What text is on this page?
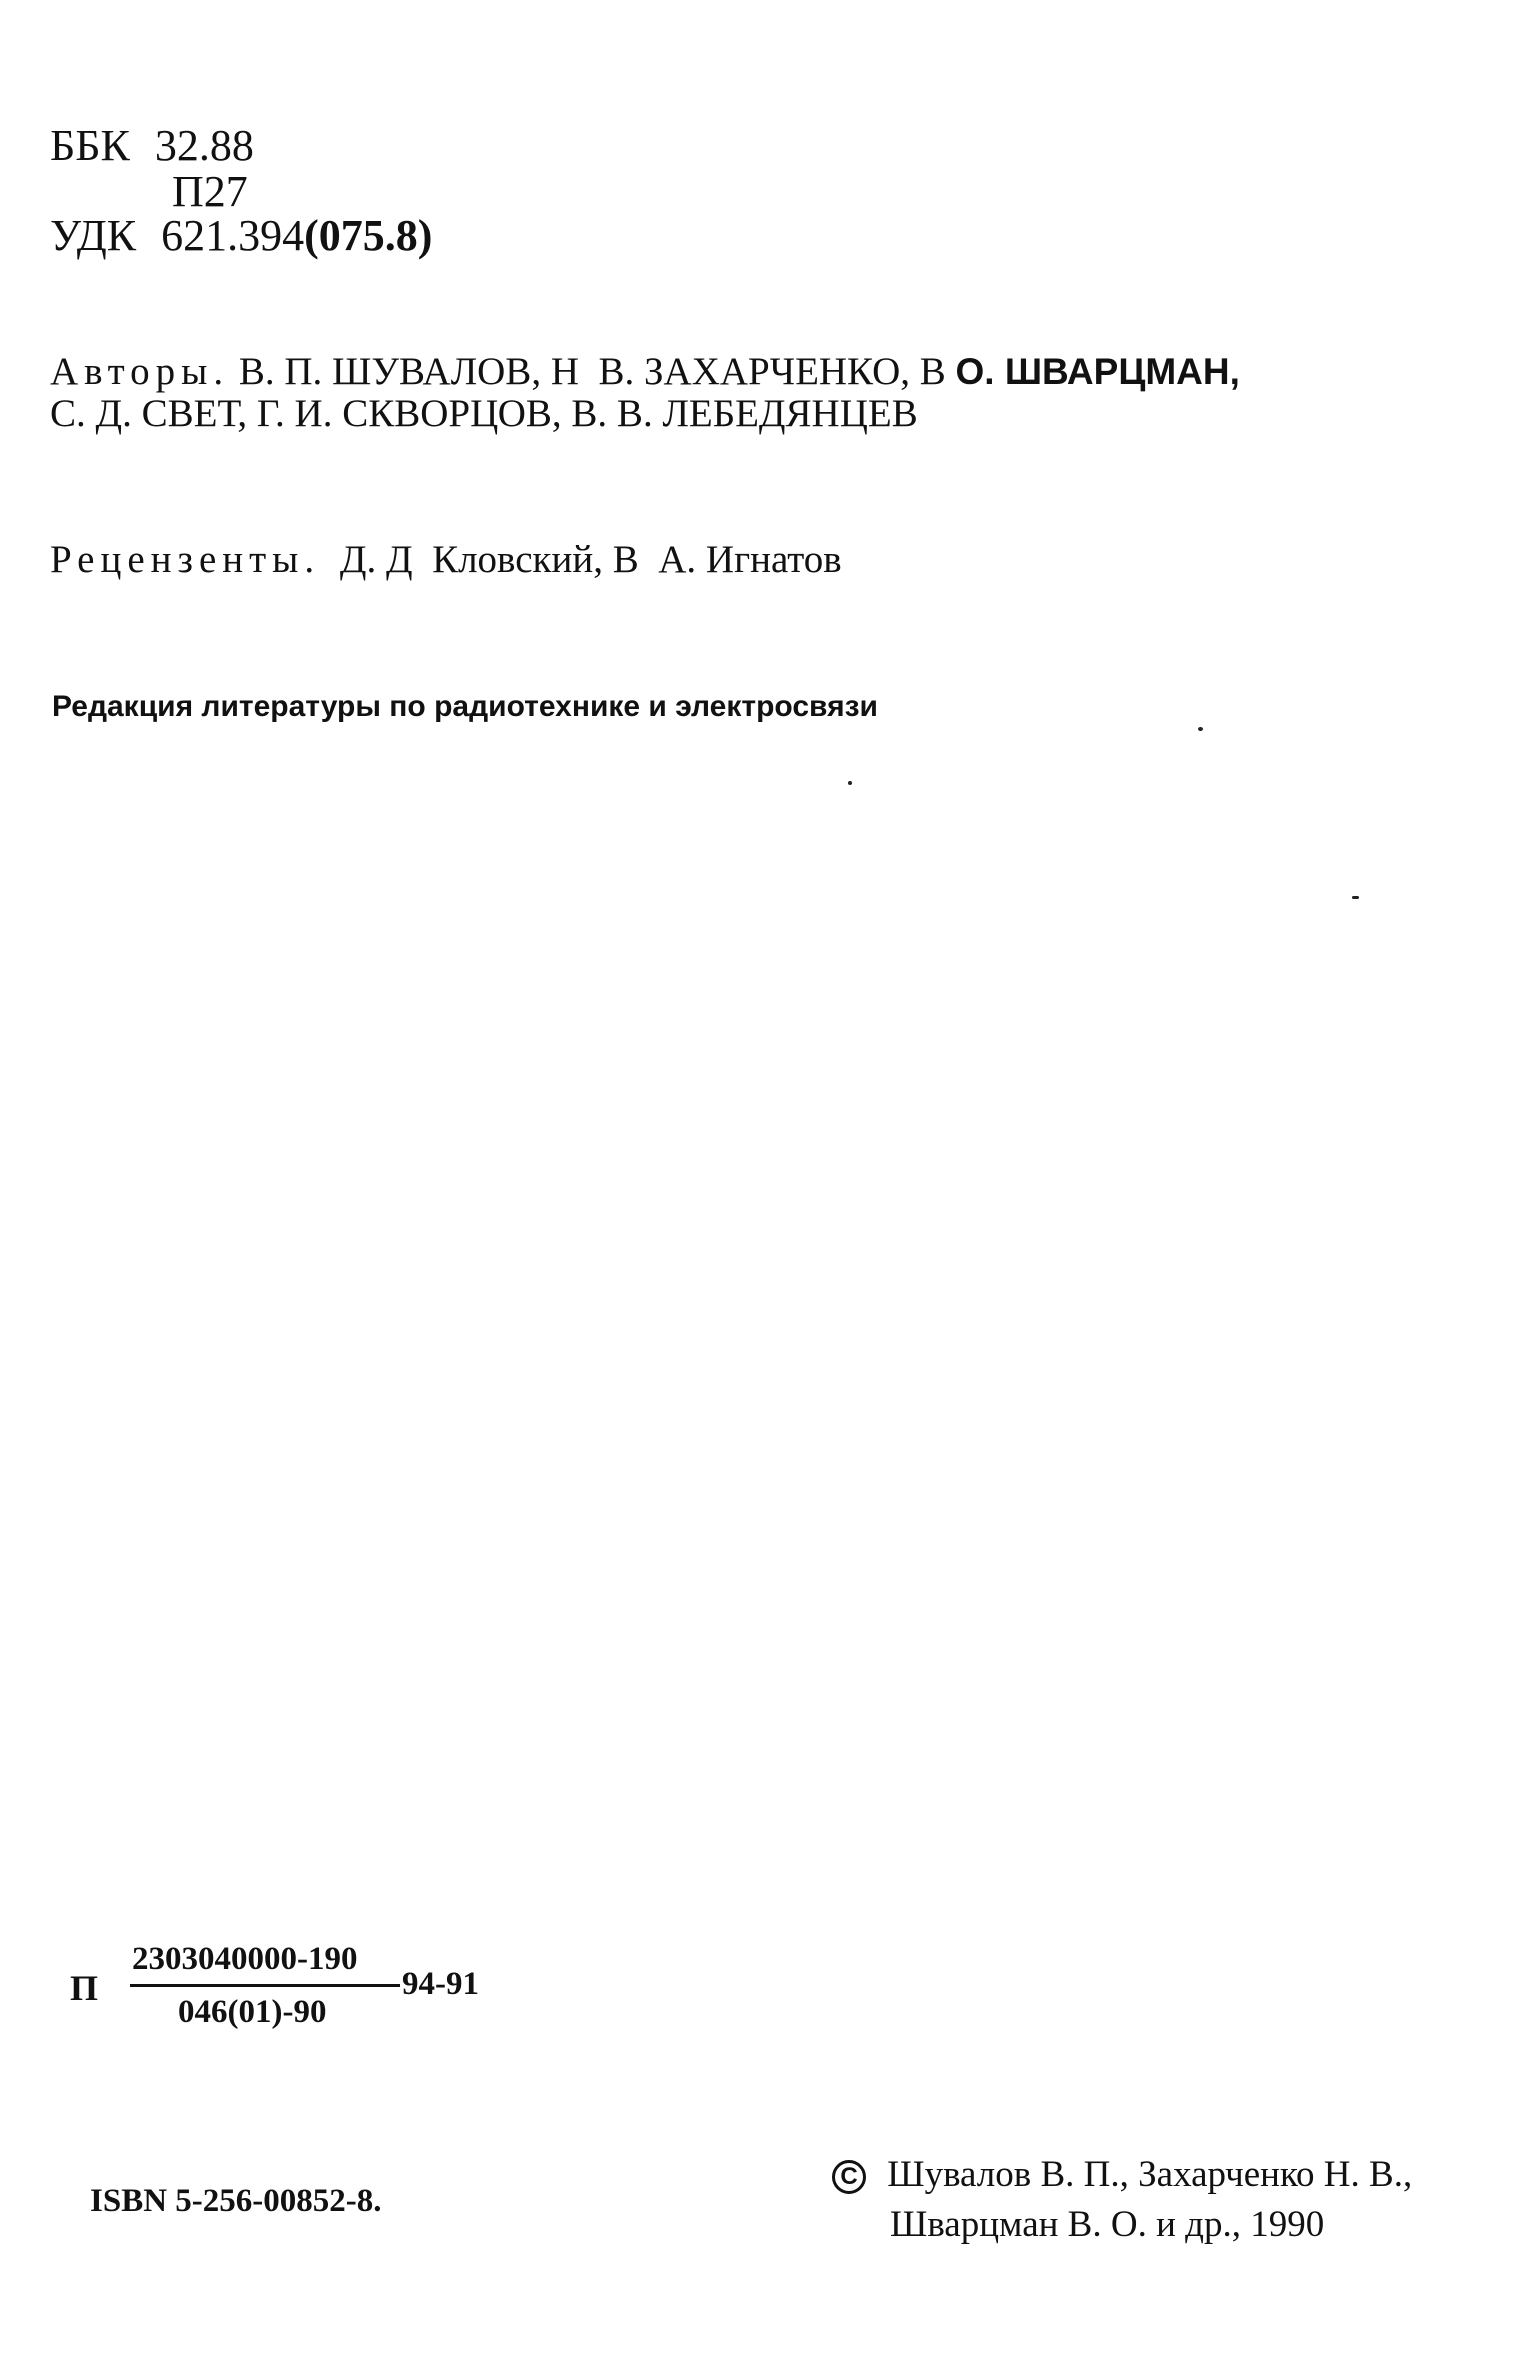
ББК 32.88
П27
УДК 621.394(075.8)
Авторы. В. П. ШУВАЛОВ, Н  В. ЗАХАРЧЕНКО, В О. ШВАРЦМАН,
С. Д. СВЕТ, Г. И. СКВОРЦОВ, В. В. ЛЕБЕДЯНЦЕВ
Рецензенты. Д. Д  Кловский, В  А. Игнатов
Редакция литературы по радиотехнике и электросвязи
П
2303040000-190
046(01)-90
94-91
ISBN 5-256-00852-8.
C Шувалов В. П., Захарченко Н. В.,
Шварцман В. О. и др., 1990
